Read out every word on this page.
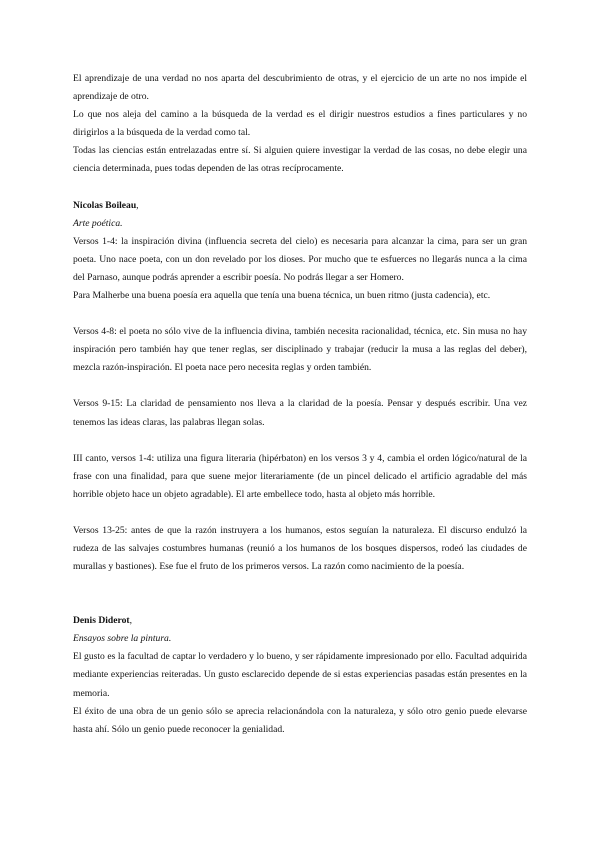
El aprendizaje de una verdad no nos aparta del descubrimiento de otras, y el ejercicio de un arte no nos impide el aprendizaje de otro.

Lo que nos aleja del camino a la búsqueda de la verdad es el dirigir nuestros estudios a fines particulares y no dirigirlos a la búsqueda de la verdad como tal.

Todas las ciencias están entrelazadas entre sí. Si alguien quiere investigar la verdad de las cosas, no debe elegir una ciencia determinada, pues todas dependen de las otras recíprocamente.

Nicolas Boileau,

Arte poética.

Versos 1-4: la inspiración divina (influencia secreta del cielo) es necesaria para alcanzar la cima, para ser un gran poeta. Uno nace poeta, con un don revelado por los dioses. Por mucho que te esfuerces no llegarás nunca a la cima del Parnaso, aunque podrás aprender a escribir poesía. No podrás llegar a ser Homero.

Para Malherbe una buena poesía era aquella que tenía una buena técnica, un buen ritmo (justa cadencia), etc.

Versos 4-8: el poeta no sólo vive de la influencia divina, también necesita racionalidad, técnica, etc. Sin musa no hay inspiración pero también hay que tener reglas, ser disciplinado y trabajar (reducir la musa a las reglas del deber), mezcla razón-inspiración. El poeta nace pero necesita reglas y orden también.

Versos 9-15: La claridad de pensamiento nos lleva a la claridad de la poesía. Pensar y después escribir. Una vez tenemos las ideas claras, las palabras llegan solas.

III canto, versos 1-4: utiliza una figura literaria (hipérbaton) en los versos 3 y 4, cambia el orden lógico/natural de la frase con una finalidad, para que suene mejor literariamente (de un pincel delicado el artificio agradable del más horrible objeto hace un objeto agradable). El arte embellece todo, hasta al objeto más horrible.

Versos 13-25: antes de que la razón instruyera a los humanos, estos seguían la naturaleza. El discurso endulzó la rudeza de las salvajes costumbres humanas (reunió a los humanos de los bosques dispersos, rodeó las ciudades de murallas y bastiones). Ese fue el fruto de los primeros versos. La razón como nacimiento de la poesía.

Denis Diderot,

Ensayos sobre la pintura.

El gusto es la facultad de captar lo verdadero y lo bueno, y ser rápidamente impresionado por ello. Facultad adquirida mediante experiencias reiteradas. Un gusto esclarecido depende de si estas experiencias pasadas están presentes en la memoria.

El éxito de una obra de un genio sólo se aprecia relacionándola con la naturaleza, y sólo otro genio puede elevarse hasta ahí. Sólo un genio puede reconocer la genialidad.
